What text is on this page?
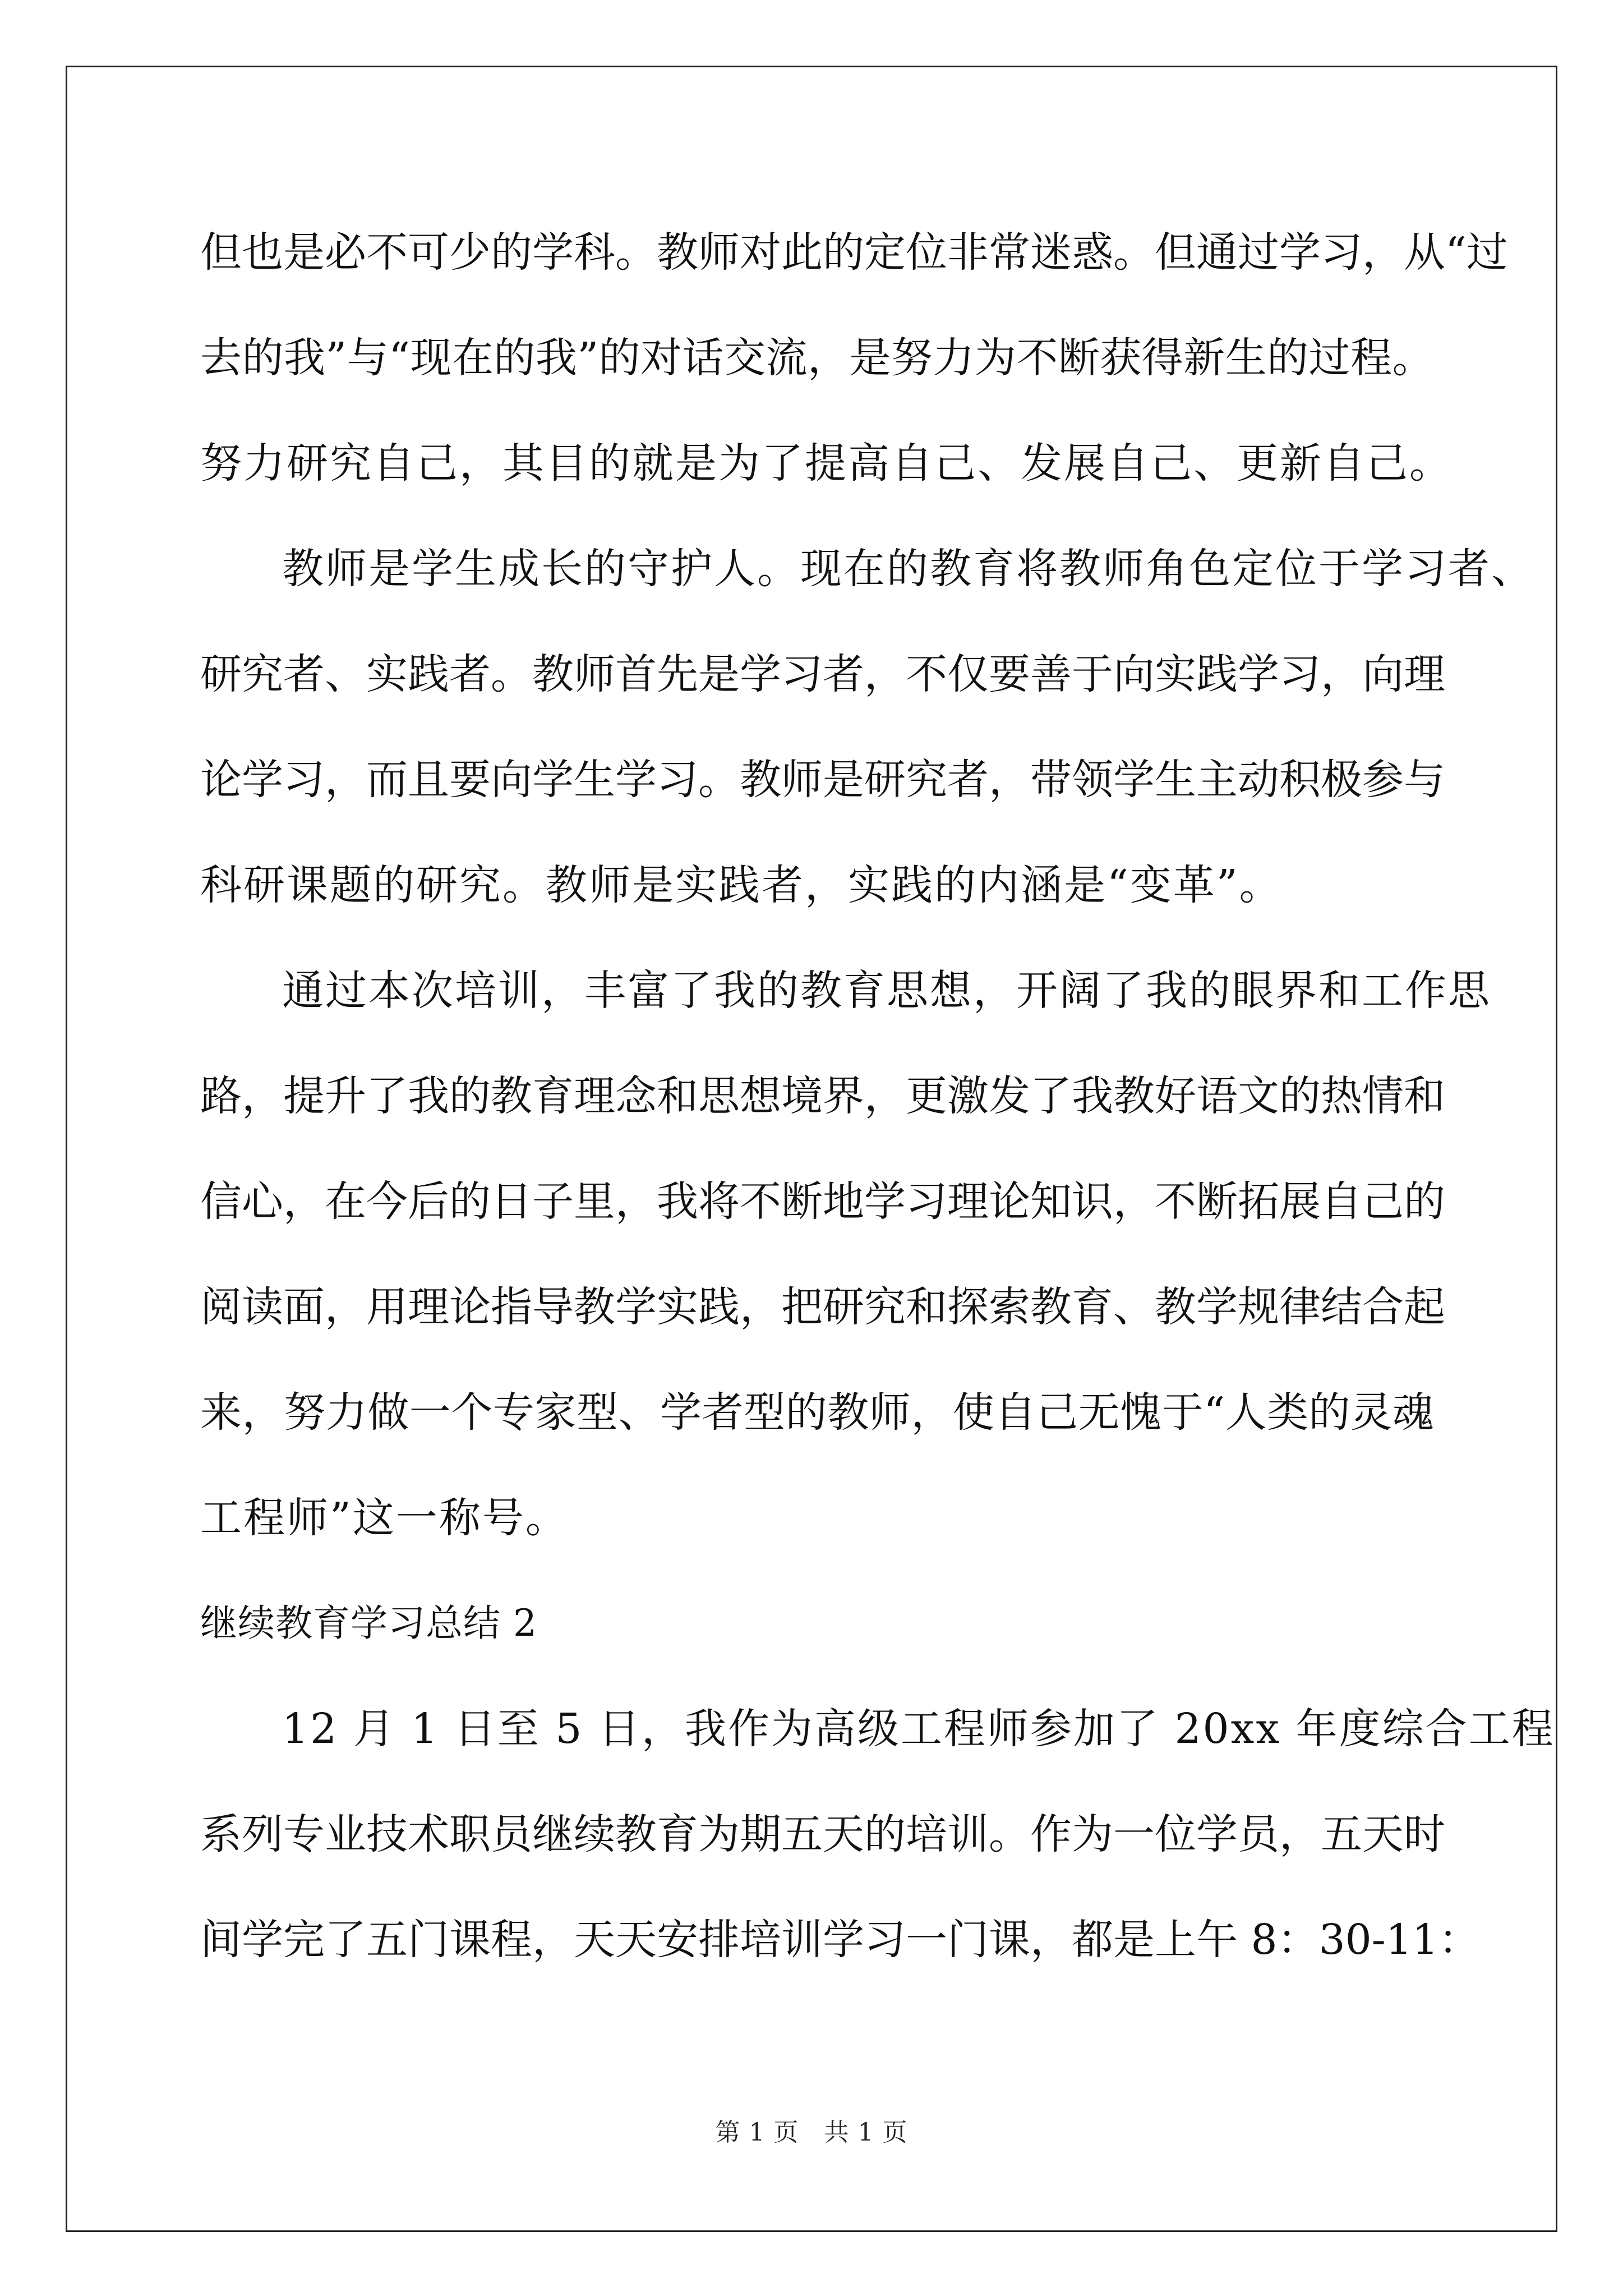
但也是必不可少的学科。教师对此的定位非常迷惑。但通过学习，从“过
去的我”与“现在的我”的对话交流，是努力为不断获得新生的过程。
努力研究自己，其目的就是为了提高自己、发展自己、更新自己。
教师是学生成长的守护人。现在的教育将教师角色定位于学习者、
研究者、实践者。教师首先是学习者，不仅要善于向实践学习，向理
论学习，而且要向学生学习。教师是研究者，带领学生主动积极参与
科研课题的研究。教师是实践者，实践的内涵是“变革”。
通过本次培训，丰富了我的教育思想，开阔了我的眼界和工作思
路，提升了我的教育理念和思想境界，更激发了我教好语文的热情和
信心，在今后的日子里，我将不断地学习理论知识，不断拓展自己的
阅读面，用理论指导教学实践，把研究和探索教育、教学规律结合起
来，努力做一个专家型、学者型的教师，使自己无愧于“人类的灵魂
工程师”这一称号。
继续教育学习总结 2
12 月 1 日至 5 日，我作为高级工程师参加了 20xx 年度综合工程
系列专业技术职员继续教育为期五天的培训。作为一位学员，五天时
间学完了五门课程，天天安排培训学习一门课，都是上午 8：30-11：
第 1 页　共 1 页
